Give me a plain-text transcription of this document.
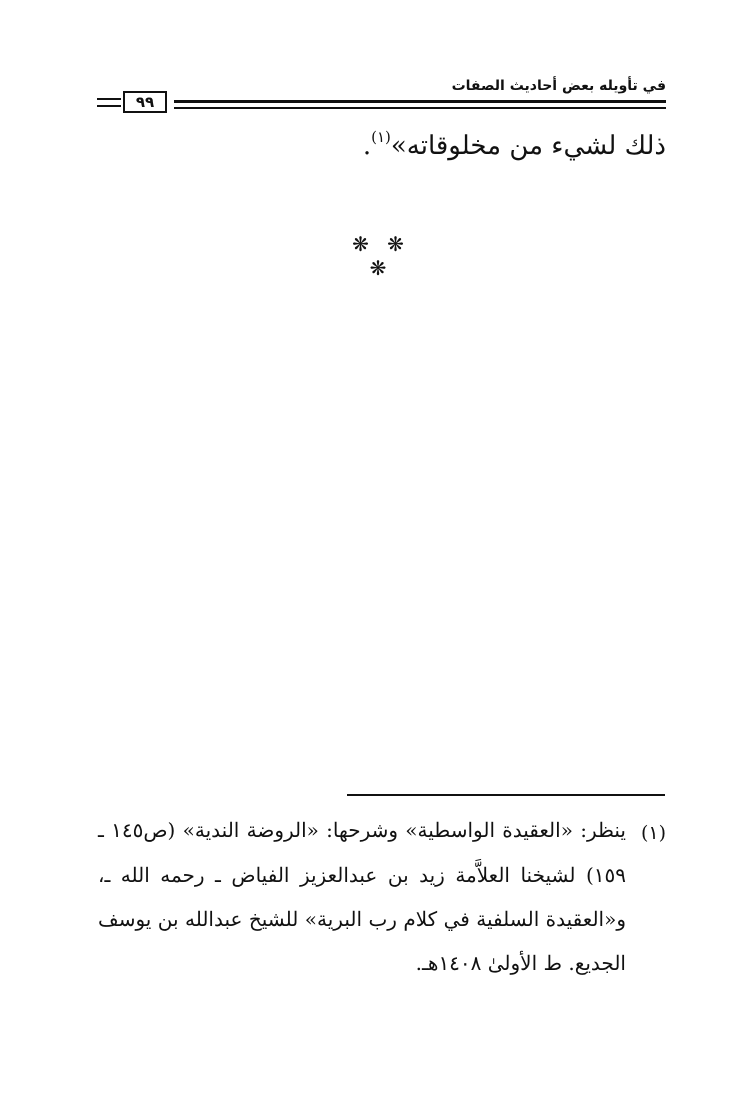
في تأويله بعض أحاديث الصفات
٩٩
ذلك لشيء من مخلوقاته»$^{(١)}$.
❋ ❋ ❋
(١)
ينظر: «العقيدة الواسطية» وشرحها: «الروضة الندية» (ص١٤٥ ـ
١٥٩) لشيخنا العلاَّمة زيد بن عبدالعزيز الفياض ـ رحمه الله ـ،
و«العقيدة السلفية في كلام رب البرية» للشيخ عبدالله بن يوسف
الجديع. ط الأولىٰ ١٤٠٨هـ.
